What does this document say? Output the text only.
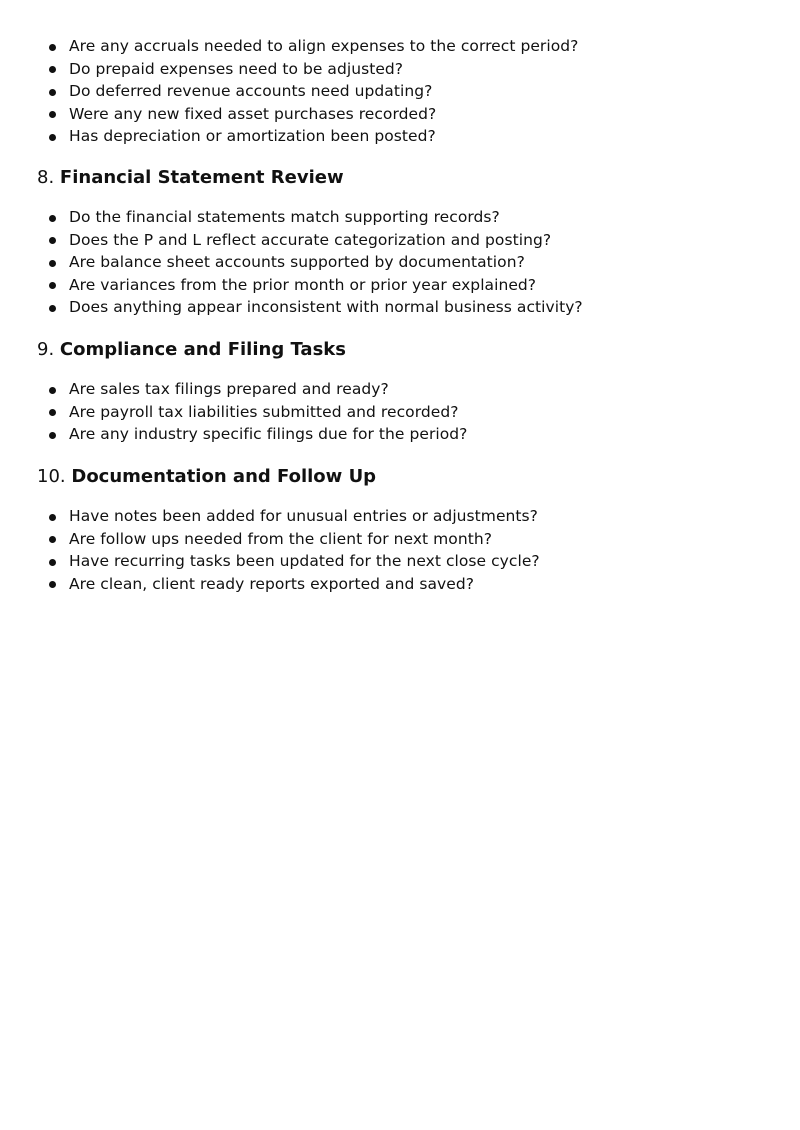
Are any accruals needed to align expenses to the correct period?
Do prepaid expenses need to be adjusted?
Do deferred revenue accounts need updating?
Were any new fixed asset purchases recorded?
Has depreciation or amortization been posted?
8. Financial Statement Review
Do the financial statements match supporting records?
Does the P and L reflect accurate categorization and posting?
Are balance sheet accounts supported by documentation?
Are variances from the prior month or prior year explained?
Does anything appear inconsistent with normal business activity?
9. Compliance and Filing Tasks
Are sales tax filings prepared and ready?
Are payroll tax liabilities submitted and recorded?
Are any industry specific filings due for the period?
10. Documentation and Follow Up
Have notes been added for unusual entries or adjustments?
Are follow ups needed from the client for next month?
Have recurring tasks been updated for the next close cycle?
Are clean, client ready reports exported and saved?
